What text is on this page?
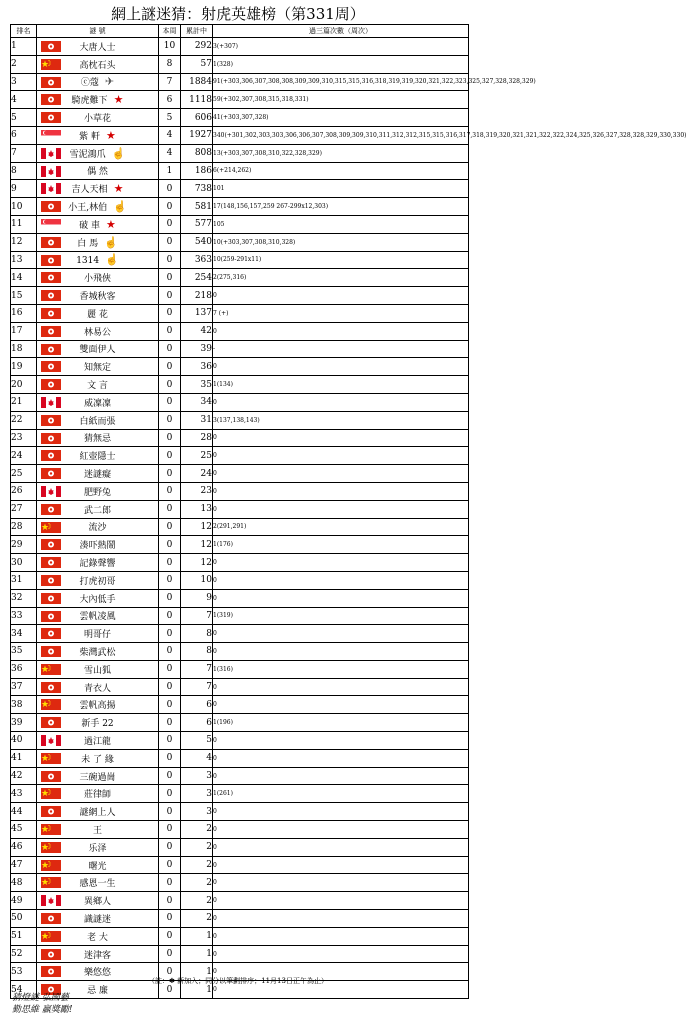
網上謎迷猜：射虎英雄榜（第331周）
排名	謎 號	本周	累計中	過三篇次數（周次）
1	大唐人士	10	292	3(+307)
2	高枕石头	8	57	1(328)
3	ⓒ蔻 ✈	7	1884	91(+303,306,307,308,308,309,309,310,315,315,316,318,319,319,320,321,322,323,325,327,328,328,329)
4	騎虎難下 ★	6	1118	59(+302,307,308,315,318,331)
5	小草花	5	606	41(+303,307,328)
6	紫 軒 ★	4	1927	340(+301,302,303,303,306,306,307,308,309,309,310,311,312,312,315,315,316,317,318,319,320,321,321,322,322,324,325,326,327,328,328,329,330,330)
7	雪泥鴻爪 ☝	4	808	13(+303,307,308,310,322,328,329)
8	偶 然	1	186	6(+214,262)
9	吉人天相 ★	0	738	101
10	小王,林伯 ☝	0	581	17(148,156,157,259 267-299x12,303)
11	破 車 ★	0	577	105
12	白 馬 ☝	0	540	10(+303,307,308,310,328)
13	1314 ☝	0	363	10(259-291x11)
14	小飛俠	0	254	2(275,316)
15	香城秋客	0	218	0
16	麗 花	0	137	7 (+)
17	林易公	0	42	0
18	雙面伊人	0	39	-
19	知無定	0	36	0
20	文 言	0	35	1(134)
21	威凜凜	0	34	0
22	白紙而張	0	31	3(137,138,143)
23	猜無忌	0	28	0
24	紅壺隱士	0	25	0
25	迷謎癡	0	24	0
26	肥野兔	0	23	0
27	武二郎	0	13	0
28	流沙	0	12	2(291,291)
29	湊吓熱鬧	0	12	1(176)
30	記錄聲響	0	12	0
31	打虎初哥	0	10	0
32	大內低手	0	9	0
33	雲帆凌風	0	7	1(319)
34	明哥仔	0	8	0
35	柴灣武松	0	8	0
36	雪山狐	0	7	1(316)
37	青衣人	0	7	0
38	雲帆高揚	0	6	0
39	新手 22	0	6	1(196)
40	過江龍	0	5	0
41	未 了 緣	0	4	0
42	三碗過崗	0	3	0
43	莊律師	0	3	1(261)
44	謎網上人	0	3	0
45	王	0	2	0
46	乐泽	0	2	0
47	曙光	0	2	0
48	感恩一生	0	2	0
49	異鄉人	0	2	0
50	識謎迷	0	2	0
51	老 大	0	1	0
52	迷津客	0	1	0
53	樂悠悠	0	1	0
54	忌 廉	0	1	0
（註：✱ 新加入；同分以筆劃排序；11月13日正午為止）
猜燈謎 弘國藝
勤思維 贏獎勵!
